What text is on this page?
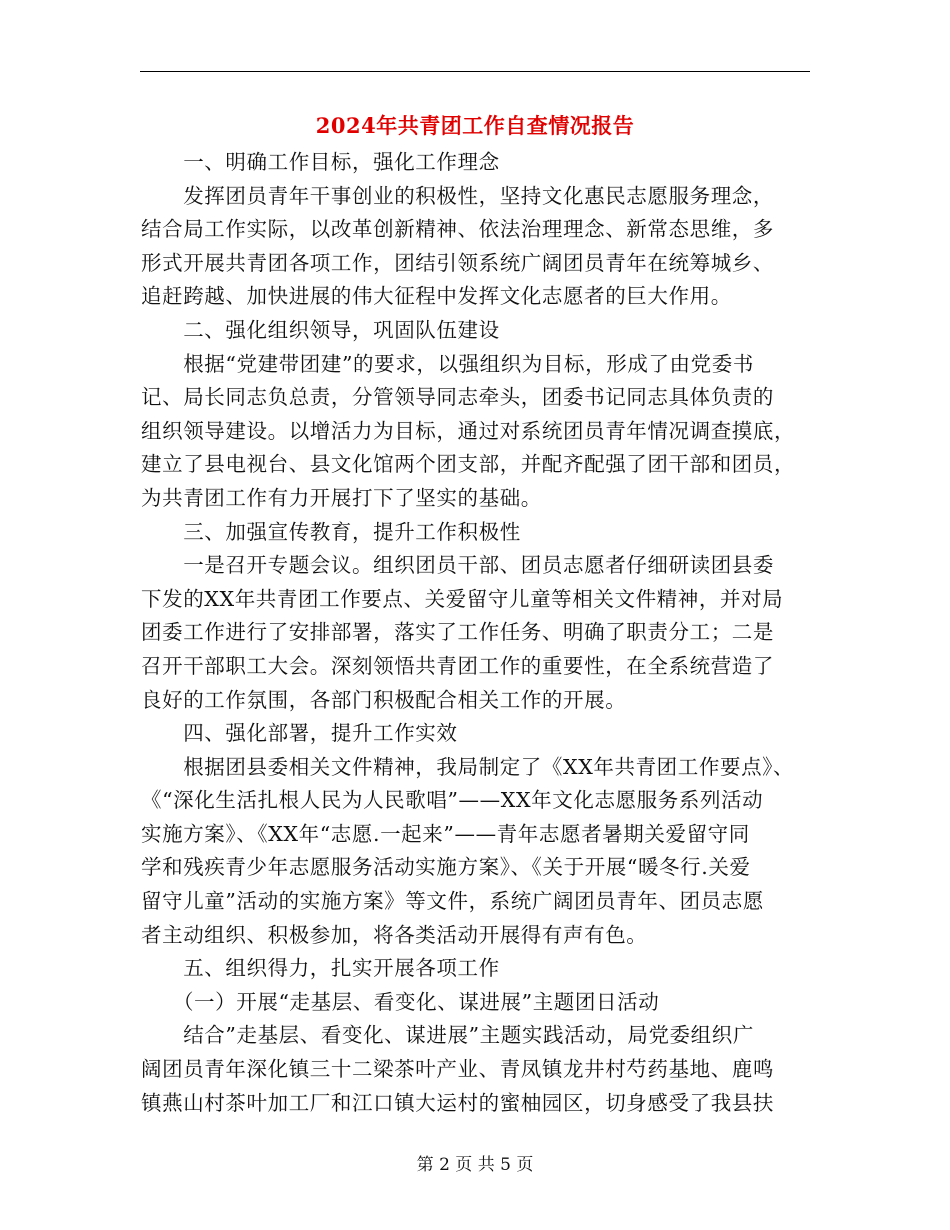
2024年共青团工作自查情况报告
　　一、明确工作目标，强化工作理念
　　发挥团员青年干事创业的积极性，坚持文化惠民志愿服务理念，
结合局工作实际，以改革创新精神、依法治理理念、新常态思维，多
形式开展共青团各项工作，团结引领系统广阔团员青年在统筹城乡、
追赶跨越、加快进展的伟大征程中发挥文化志愿者的巨大作用。
　　二、强化组织领导，巩固队伍建设
　　根据“党建带团建”的要求，以强组织为目标，形成了由党委书
记、局长同志负总责，分管领导同志牵头，团委书记同志具体负责的
组织领导建设。以增活力为目标，通过对系统团员青年情况调查摸底，
建立了县电视台、县文化馆两个团支部，并配齐配强了团干部和团员，
为共青团工作有力开展打下了坚实的基础。
　　三、加强宣传教育，提升工作积极性
　　一是召开专题会议。组织团员干部、团员志愿者仔细研读团县委
下发的XX年共青团工作要点、关爱留守儿童等相关文件精神，并对局
团委工作进行了安排部署，落实了工作任务、明确了职责分工；二是
召开干部职工大会。深刻领悟共青团工作的重要性，在全系统营造了
良好的工作氛围，各部门积极配合相关工作的开展。
　　四、强化部署，提升工作实效
　　根据团县委相关文件精神，我局制定了《XX年共青团工作要点》、
《“深化生活扎根人民为人民歌唱”——XX年文化志愿服务系列活动
实施方案》、《XX年“志愿.一起来”——青年志愿者暑期关爱留守同
学和残疾青少年志愿服务活动实施方案》、《关于开展“暖冬行.关爱
留守儿童”活动的实施方案》等文件，系统广阔团员青年、团员志愿
者主动组织、积极参加，将各类活动开展得有声有色。
　　五、组织得力，扎实开展各项工作
　　（一）开展“走基层、看变化、谋进展”主题团日活动
　　结合”走基层、看变化、谋进展”主题实践活动，局党委组织广
阔团员青年深化镇三十二梁茶叶产业、青凤镇龙井村芍药基地、鹿鸣
镇燕山村茶叶加工厂和江口镇大运村的蜜柚园区，切身感受了我县扶
第 2 页 共 5 页
